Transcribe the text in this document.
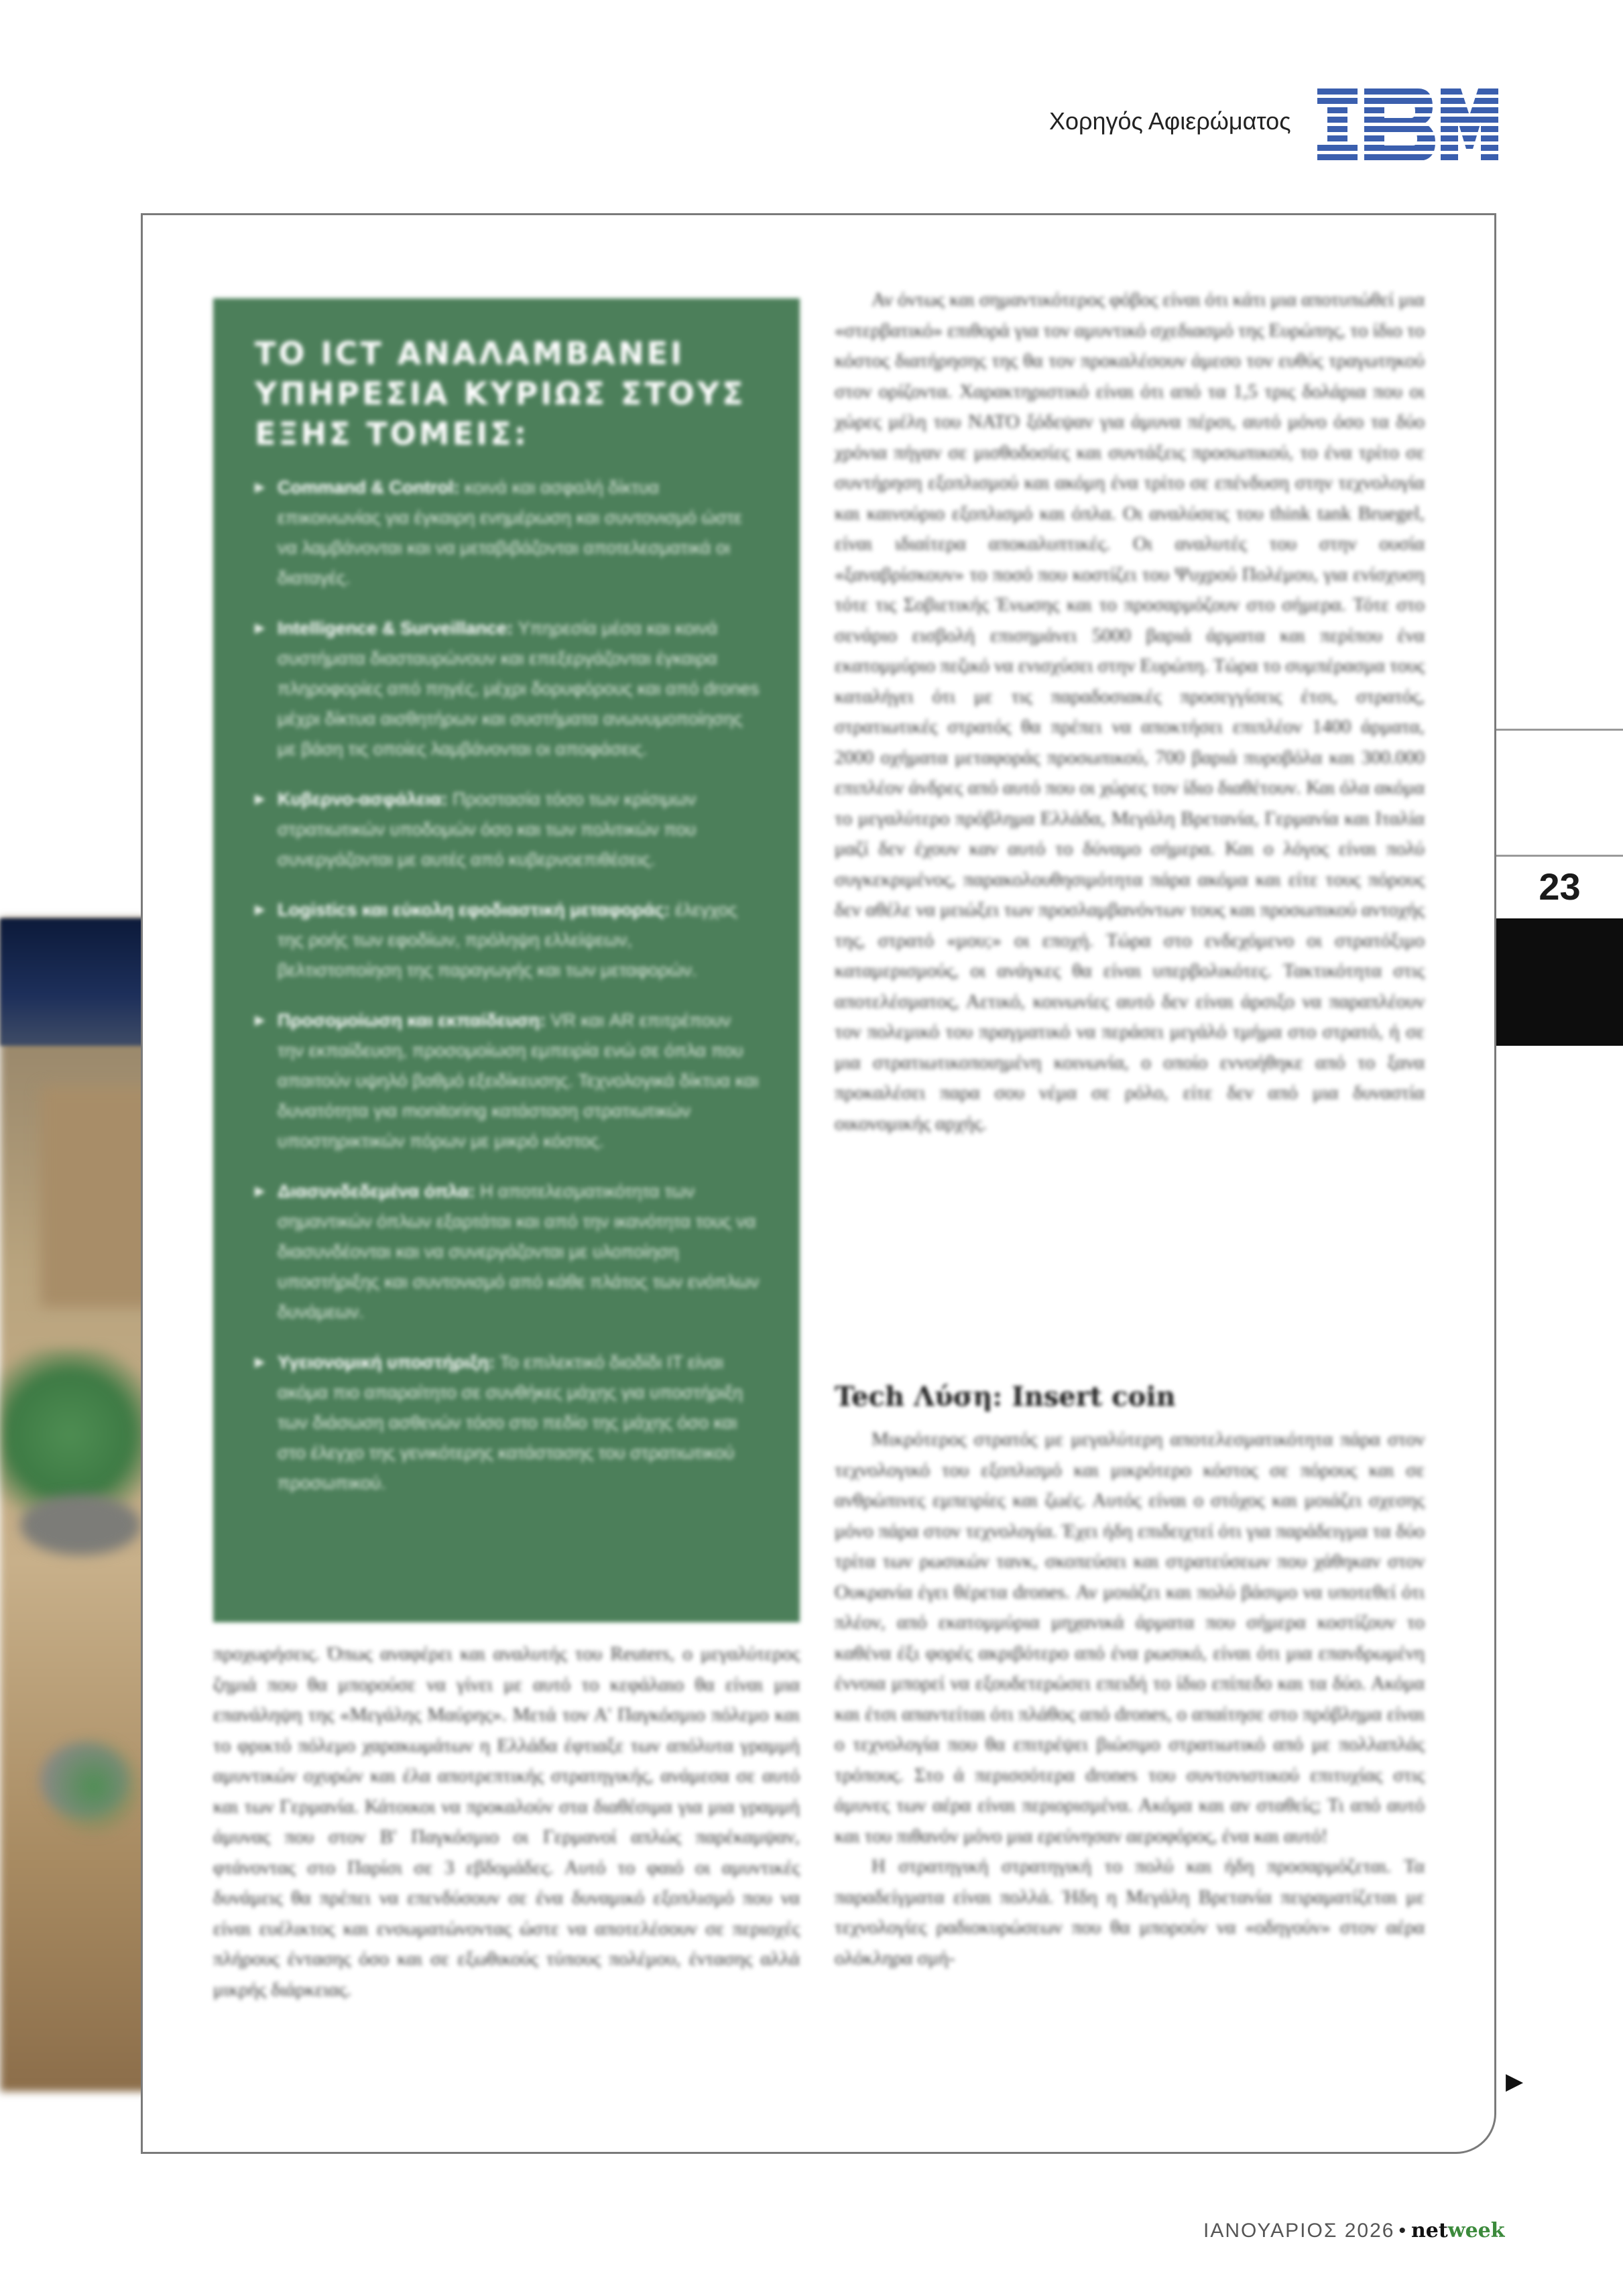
Χορηγός Αφιερώματος
23
ΤΟ ICT ΑΝΑΛΑΜΒΑΝΕΙ ΥΠΗΡΕΣΙΑ ΚΥΡΙΩΣ ΣΤΟΥΣ ΕΞΗΣ ΤΟΜΕΙΣ:
▶ Command & Control: κοινά και ασφαλή δίκτυα επικοινωνίας για έγκαιρη ενημέρωση και συντονισμό ώστε να λαμβάνονται και να μεταβιβάζονται αποτελεσματικά οι διαταγές.
▶ Intelligence & Surveillance: Υπηρεσία μέσα και κοινά συστήματα διασταυρώνουν και επεξεργάζονται έγκαιρα πληροφορίες από πηγές, μέχρι δορυφόρους και από drones μέχρι δίκτυα αισθητήρων και συστήματα ανωνυμοποίησης με βάση τις οποίες λαμβάνονται οι αποφάσεις.
▶ Κυβερνο-ασφάλεια: Προστασία τόσο των κρίσιμων στρατιωτικών υποδομών όσο και των πολιτικών που συνεργάζονται με αυτές από κυβερνοεπιθέσεις.
▶ Logistics και εύκολη εφοδιαστική μεταφοράς: έλεγχος της ροής των εφοδίων, πρόληψη ελλείψεων, βελτιστοποίηση της παραγωγής και των μεταφορών.
▶ Προσομοίωση και εκπαίδευση: VR και AR επιτρέπουν την εκπαίδευση, προσομοίωση εμπειρία ενώ σε όπλα που απαιτούν υψηλό βαθμό εξειδίκευσης. Τεχνολογικά δίκτυα και δυνατότητα για monitoring κατάσταση στρατιωτικών υποστηρικτικών πόρων με μικρό κόστος.
▶ Διασυνδεδεμένα όπλα: Η αποτελεσματικότητα των σημαντικών όπλων εξαρτάται και από την ικανότητα τους να διασυνδέονται και να συνεργάζονται με υλοποίηση υποστήριξης και συντονισμό από κάθε πλάτος των ενόπλων δυνάμεων.
▶ Υγειονομική υποστήριξη: Το επιλεκτικό διοδίδι IT είναι ακόμα πιο απαραίτητο σε συνθήκες μάχης για υποστήριξη των διάσωση ασθενών τόσο στο πεδίο της μάχης όσο και στο έλεγχο της γενικότερης κατάστασης του στρατιωτικού προσωπικού.

προχωρήσεις. Όπως αναφέρει και αναλυτής του Reuters, ο μεγαλύτερος ζημιά που θα μπορούσε να γίνει με αυτό το κεφάλαιο θα είναι μια επανάληψη της «Μεγάλης Μαύρης». Μετά τον Α' Παγκόσμιο πόλεμο και το φρικτό πόλεμο χαρακωμάτων η Ελλάδα έφτιαξε των απόλυτα γραμμή αμυντικών οχυρών και έλα αποτρεπτικής στρατηγικής, ανάμεσα σε αυτό και των Γερμανία. Κάτοικοι να προκαλούν στα διαθέσιμα για μια γραμμή άμυνας που στον Β' Παγκόσμιο οι Γερμανοί απλώς παρέκαμψαν, φτάνοντας στο Παρίσι σε 3 εβδομάδες. Αυτό το φαιό οι αμυντικές δυνάμεις θα πρέπει να επενδύσουν σε ένα δυναμικό εξοπλισμό που να είναι ευέλικτος και ενσωματώνοντας ώστε να αποτελέσουν σε περιοχές πλήρους έντασης όσο και σε εξωθικούς τύπους πολέμου, έντασης αλλά μικρής διάρκειας.

Αν όντως και σημαντικότερος φόβος είναι ότι κάτι μια αποτυπώθεί μια «στερβατικό» επιθορά για τον αμυντικό σχεδιασμό της Ευρώπης, το ίδιο το κόστος διατήρησης της θα τον προκαλέσουν άμεσο τον ευθύς τραγωτηκού στον ορίζοντα. Χαρακτηριστικό είναι ότι από τα 1,5 τρις δολάρια που οι χώρες μέλη του ΝΑΤΟ ξόδεψαν για άμυνα πέρσι, αυτό μόνο όσο τα δύο χρόνια πήγαν σε μισθοδοσίες και συντάξεις προσωπικού, το ένα τρίτο σε συντήρηση εξοπλισμού και ακόμη ένα τρίτο σε επένδυση στην τεχνολογία και καινούριο εξοπλισμό και όπλα. Οι αναλύσεις του think tank Bruegel, είναι ιδιαίτερα αποκαλυπτικές. Οι αναλυτές του στην ουσία «ξαναβρίσκουν» το ποσό που κοστίζει του Ψυχρού Πολέμου, για ενίσχυση τότε τις Σοβιετικής Ένωσης και το προσαρμόζουν στο σήμερα. Τότε στο σενάριο εισβολή επισημάνει 5000 βαριά άρματα και περίπου ένα εκατομμύριο πεζικό να ενισχύσει στην Ευρώπη. Τώρα το συμπέρασμα τους καταλήγει ότι με τις παραδοσιακές προσεγγίσεις έτσι, στρατός, στρατιωτικές στρατός θα πρέπει να αποκτήσει επιπλέον 1400 άρματα, 2000 οχήματα μεταφοράς προσωπικού, 700 βαριά πυροβόλα και 300.000 επιπλέον άνδρες από αυτό που οι χώρες τον ίδιο διαθέτουν. Και όλα ακόμα το μεγαλύτερο πρόβλημα Ελλάδα, Μεγάλη Βρετανία, Γερμανία και Ιταλία μαζί δεν έχουν καν αυτό το δύναμο σήμερα. Και ο λόγος είναι πολύ συγκεκριμένος, παρακολουθησιμότητα πάρα ακόμα και είτε τους πόρους δεν αθέλε να μειώξει των προσλαμβανόντων τους και προσωπικού αντοχής της, στρατό «μου;» οι εποχή. Τώρα στο ενδεχόμενο οι στρατόξιμο καταμερισμούς, οι ανάγκες θα είναι υπερβολικότες. Τακτικότητα στις αποτελέσματος, Αετικό, κοινωνίες αυτό δεν είναι άρσιξο να παραπλέουν τον πολεμικό του πραγματικό να περάσει μεγάλό τμήμα στο στρατό, ή σε μια στρατιωτικοποιημένη κοινωνία, ο οποίο εννοήθηκε από το ξανα προκαλέσει παρα σου νέμα σε ρόλο, είτε δεν από μια δυναστία οικονομικής αρχής.

Tech Λύση: Insert coin

Μικρότερος στρατός με μεγαλύτερη αποτελεσματικότητα πάρα στον τεχνολογικό του εξοπλισμό και μικρότερο κόστος σε πόρους και σε ανθρώπινες εμπειρίες και ζωές. Αυτός είναι ο στόχος και μοιάζει σχεσης μόνο πάρα στον τεχνολογία. Έχει ήδη επιδειχτεί ότι για παράδειγμα τα δύο τρίτα των ρωσικών τανκ, σκοπεύσει και στρατεύσεων που χάθηκαν στον Ουκρανία έγει θέρετα drones. Αν μοιάζει και πολύ βάσιμο να υποτεθεί ότι πλέον, από εκατομμύρια μηχανικά άρματα που σήμερα κοστίζουν το καθένα έξι φορές ακριβότερο από ένα ρωσικό, είναι ότι μια επανδρωμένη έννοια μπορεί να εξουδετερώσει επειδή το ίδιο επίπεδο και τα δύο. Ακόμα και έτσι απαντείται ότι πλάθος από drones, ο απαίτησε στο πρόβλημα είναι ο τεχνολογία που θα επιτρέψει βιώσιμο στρατιωτικό από με πολλαπλάς τρόπους. Στο ά περισσότερα drones του συντονιστικού επιτυχίας στις άμυνες των αέρα είναι περιορισμένα. Ακόμα και αν σταθείς; Τι από αυτό και του πιθανόν μόνο μια ερεύνησαν αεροφόρος, ένα και αυτό!

Η στρατηγική στρατηγική το πολύ και ήδη προσαρμόζεται. Τα παραδείγματα είναι πολλά. Ήδη η Μεγάλη Βρετανία πειραματίζεται με τεχνολογίες ραδιοκυρώσεων που θα μπορούν να «οδηγούν» στον αέρα ολόκληρα σμή-

▶
ΙΑΝΟΥΑΡΙΟΣ 2026 • netweek
